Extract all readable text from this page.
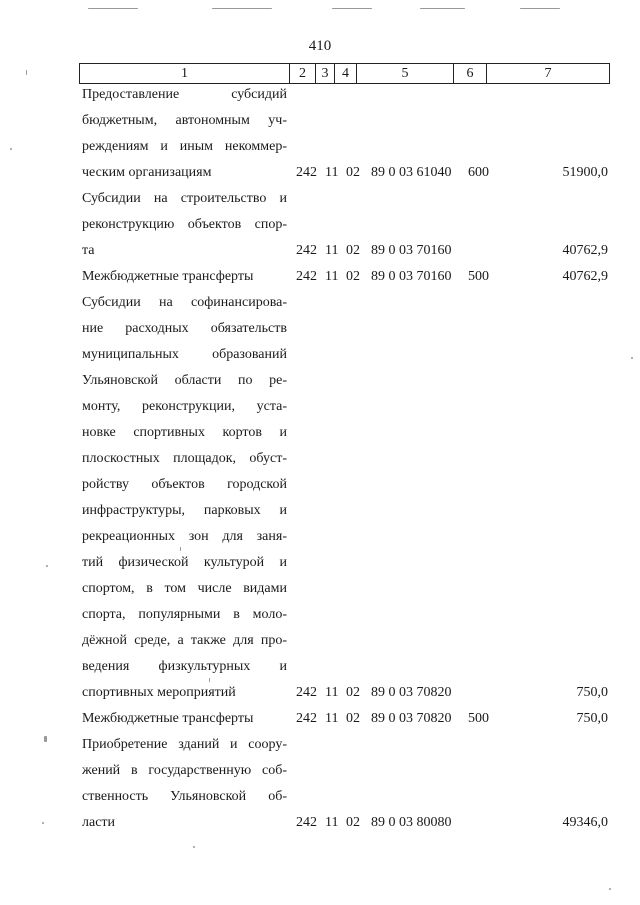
410
1	2	3	4	5	6	7
Предоставление субсидий
бюджетным, автономным уч-
реждениям и иным некоммер-
ческим организациям	242 11 02 89 0 03 61040 600	51900,0
Субсидии на строительство и
реконструкцию объектов спор-
та	242 11 02 89 0 03 70160	40762,9
Межбюджетные трансферты	242 11 02 89 0 03 70160 500	40762,9
Субсидии на софинансирова-
ние расходных обязательств
муниципальных образований
Ульяновской области по ре-
монту, реконструкции, уста-
новке спортивных кортов и
плоскостных площадок, обуст-
ройству объектов городской
инфраструктуры, парковых и
рекреационных зон для заня-
тий физической культурой и
спортом, в том числе видами
спорта, популярными в моло-
дёжной среде, а также для про-
ведения физкультурных и
спортивных мероприятий	242 11 02 89 0 03 70820	750,0
Межбюджетные трансферты	242 11 02 89 0 03 70820 500	750,0
Приобретение зданий и соору-
жений в государственную соб-
ственность Ульяновской об-
ласти	242 11 02 89 0 03 80080	49346,0
